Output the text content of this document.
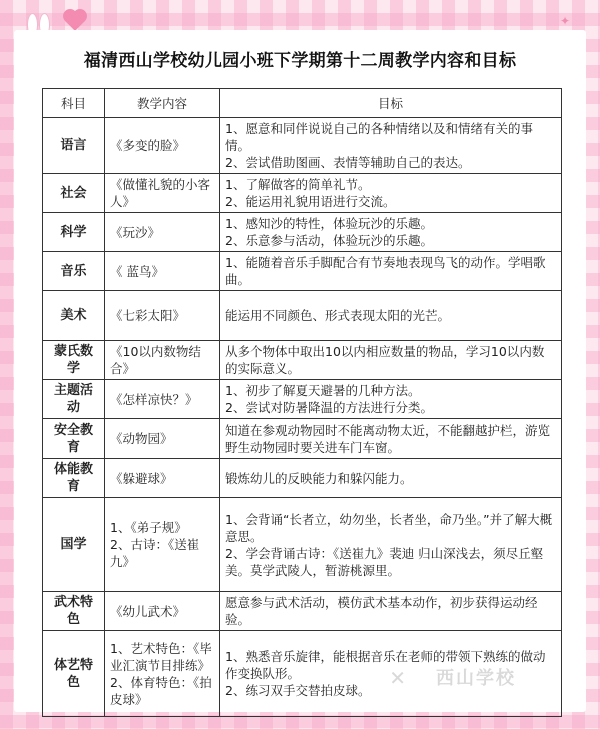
✦
福清西山学校幼儿园小班下学期第十二周教学内容和目标
科目	教学内容	目标
语言	《多变的脸》	1、愿意和同伴说说自己的各种情绪以及和情绪有关的事情。
2、尝试借助图画、表情等辅助自己的表达。

社会	《做懂礼貌的小客人》	1、了解做客的简单礼节。
2、能运用礼貌用语进行交流。

科学	《玩沙》	1、感知沙的特性，体验玩沙的乐趣。
2、乐意参与活动，体验玩沙的乐趣。

音乐	《 蓝鸟》	1、能随着音乐手脚配合有节奏地表现鸟飞的动作。学唱歌曲。

美术	《七彩太阳》	能运用不同颜色、形式表现太阳的光芒。

蒙氏数学	《10以内数物结合》	从多个物体中取出10以内相应数量的物品，学习10以内数的实际意义。

主题活动	《怎样凉快？》	1、初步了解夏天避暑的几种方法。
2、尝试对防暑降温的方法进行分类。

安全教育	《动物园》	知道在参观动物园时不能离动物太近，不能翻越护栏，游览野生动物园时要关进车门车窗。

体能教育	《躲避球》	锻炼幼儿的反映能力和躲闪能力。

国学	1、《弟子规》
2、古诗：《送崔九》	1、会背诵“长者立，幼勿坐，长者坐，命乃坐。”并了解大概意思。
2、学会背诵古诗：《送崔九》裴迪 归山深浅去，须尽丘壑美。莫学武陵人，暂游桃源里。

武术特色	《幼儿武术》	愿意参与武术活动，模仿武术基本动作，初步获得运动经验。

体艺特色	1、艺术特色：《毕业汇演节目排练》
2、体育特色：《拍皮球》	1、熟悉音乐旋律，能根据音乐在老师的带领下熟练的做动作变换队形。
2、练习双手交替拍皮球。
✕ 西山学校
